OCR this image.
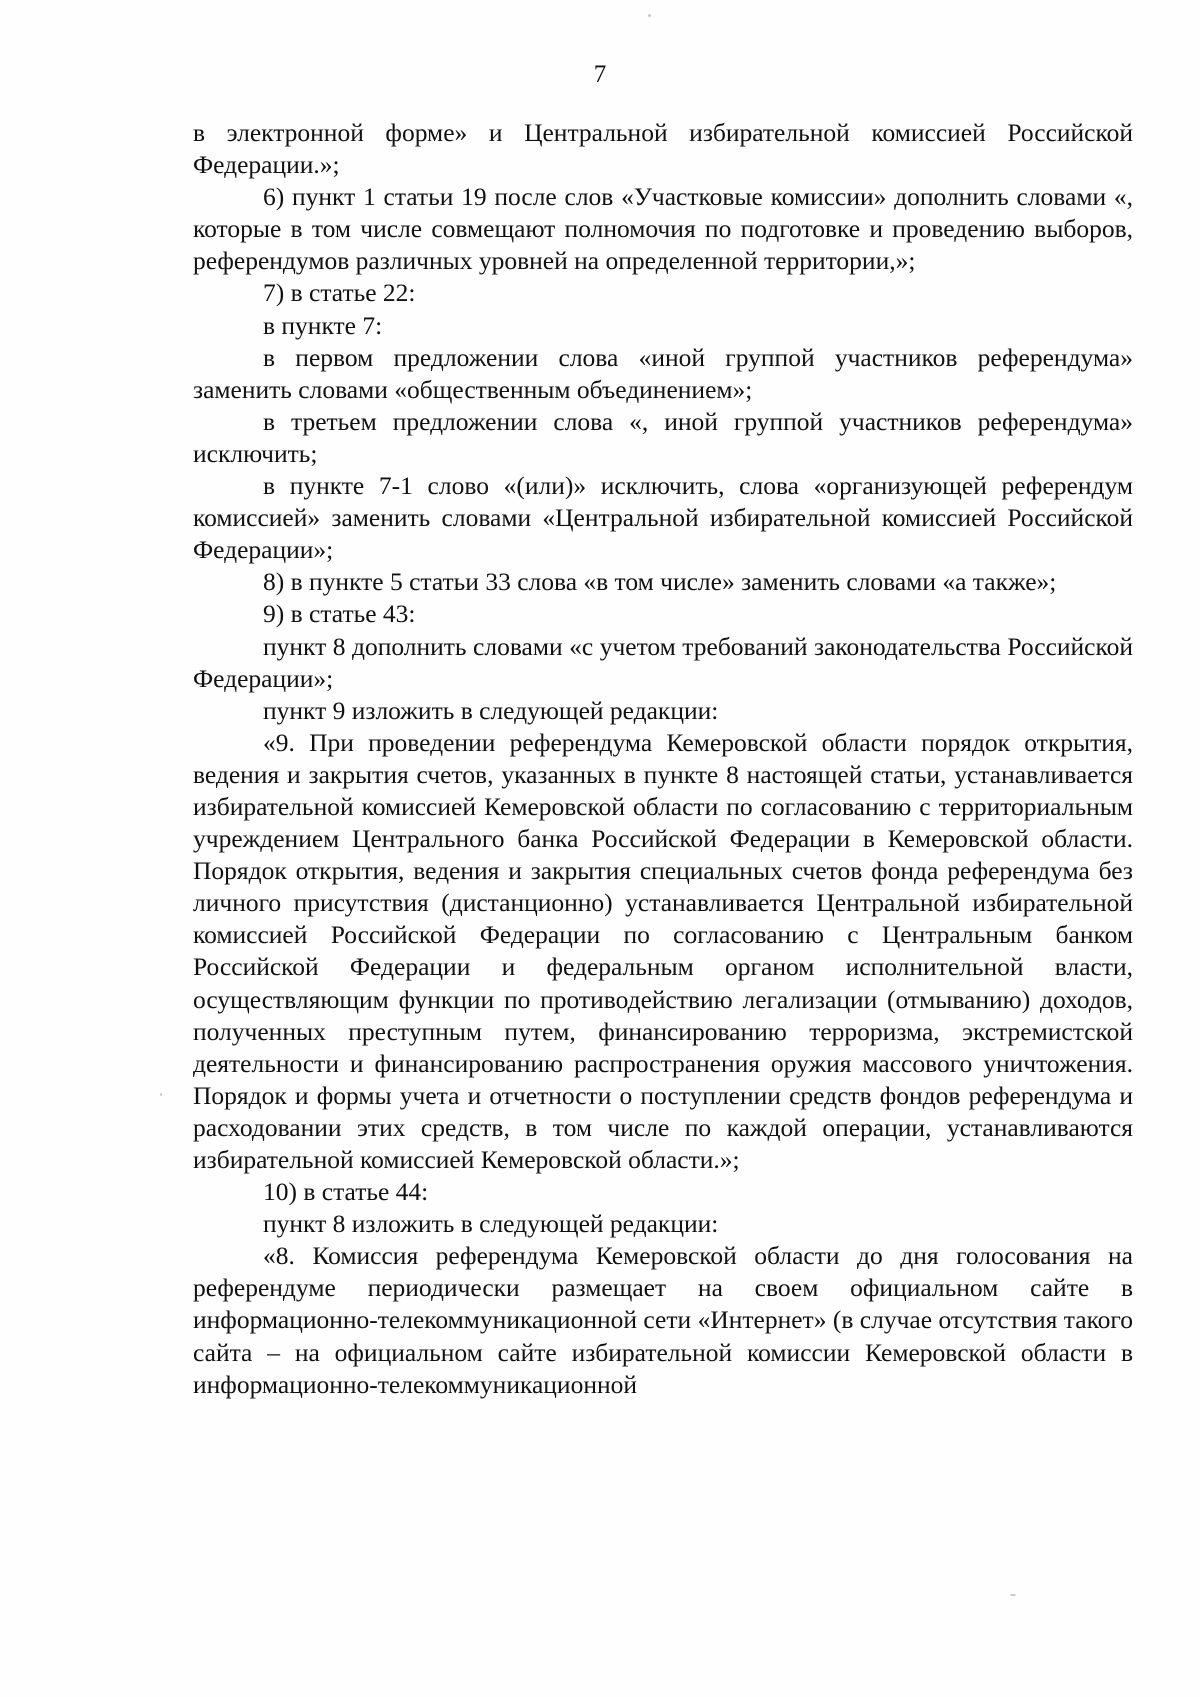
7

в электронной форме» и Центральной избирательной комиссией Российской Федерации.»;

6) пункт 1 статьи 19 после слов «Участковые комиссии» дополнить словами «, которые в том числе совмещают полномочия по подготовке и проведению выборов, референдумов различных уровней на определенной территории,»;

7) в статье 22:

в пункте 7:

в первом предложении слова «иной группой участников референдума» заменить словами «общественным объединением»;

в третьем предложении слова «, иной группой участников референдума» исключить;

в пункте 7-1 слово «(или)» исключить, слова «организующей референдум комиссией» заменить словами «Центральной избирательной комиссией Российской Федерации»;

8) в пункте 5 статьи 33 слова «в том числе» заменить словами «а также»;

9) в статье 43:

пункт 8 дополнить словами «с учетом требований законодательства Российской Федерации»;

пункт 9 изложить в следующей редакции:

«9. При проведении референдума Кемеровской области порядок открытия, ведения и закрытия счетов, указанных в пункте 8 настоящей статьи, устанавливается избирательной комиссией Кемеровской области по согласованию с территориальным учреждением Центрального банка Российской Федерации в Кемеровской области. Порядок открытия, ведения и закрытия специальных счетов фонда референдума без личного присутствия (дистанционно) устанавливается Центральной избирательной комиссией Российской Федерации по согласованию с Центральным банком Российской Федерации и федеральным органом исполнительной власти, осуществляющим функции по противодействию легализации (отмыванию) доходов, полученных преступным путем, финансированию терроризма, экстремистской деятельности и финансированию распространения оружия массового уничтожения. Порядок и формы учета и отчетности о поступлении средств фондов референдума и расходовании этих средств, в том числе по каждой операции, устанавливаются избирательной комиссией Кемеровской области.»;

10) в статье 44:

пункт 8 изложить в следующей редакции:

«8. Комиссия референдума Кемеровской области до дня голосования на референдуме периодически размещает на своем официальном сайте в информационно-телекоммуникационной сети «Интернет» (в случае отсутствия такого сайта – на официальном сайте избирательной комиссии Кемеровской области в информационно-телекоммуникационной
